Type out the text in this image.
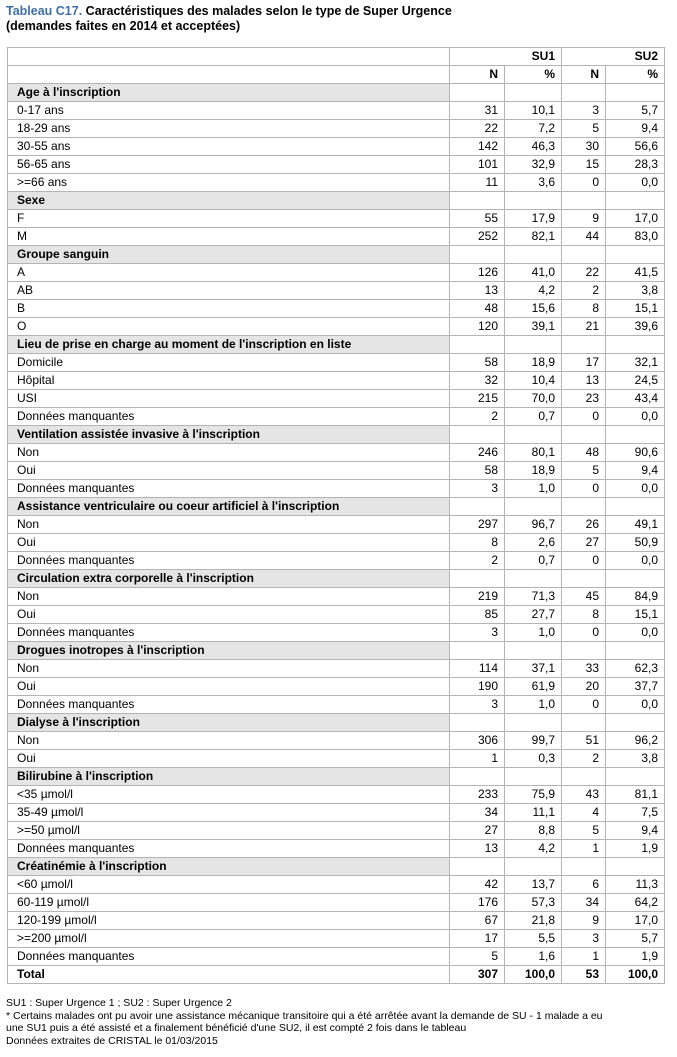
Tableau C17. Caractéristiques des malades selon le type de Super Urgence
(demandes faites en 2014 et acceptées)
	SU1		SU2	
	N	%	N	%
Age à l'inscription				
0-17 ans	31	10,1	3	5,7
18-29 ans	22	7,2	5	9,4
30-55 ans	142	46,3	30	56,6
56-65 ans	101	32,9	15	28,3
>=66 ans	11	3,6	0	0,0
Sexe				
F	55	17,9	9	17,0
M	252	82,1	44	83,0
Groupe sanguin				
A	126	41,0	22	41,5
AB	13	4,2	2	3,8
B	48	15,6	8	15,1
O	120	39,1	21	39,6
Lieu de prise en charge au moment de l'inscription en liste				
Domicile	58	18,9	17	32,1
Hôpital	32	10,4	13	24,5
USI	215	70,0	23	43,4
Données manquantes	2	0,7	0	0,0
Ventilation assistée invasive à l'inscription				
Non	246	80,1	48	90,6
Oui	58	18,9	5	9,4
Données manquantes	3	1,0	0	0,0
Assistance ventriculaire ou coeur artificiel à l'inscription				
Non	297	96,7	26	49,1
Oui	8	2,6	27	50,9
Données manquantes	2	0,7	0	0,0
Circulation extra corporelle à l'inscription				
Non	219	71,3	45	84,9
Oui	85	27,7	8	15,1
Données manquantes	3	1,0	0	0,0
Drogues inotropes à l'inscription				
Non	114	37,1	33	62,3
Oui	190	61,9	20	37,7
Données manquantes	3	1,0	0	0,0
Dialyse à l'inscription				
Non	306	99,7	51	96,2
Oui	1	0,3	2	3,8
Bilirubine à l'inscription				
<35 µmol/l	233	75,9	43	81,1
35-49 µmol/l	34	11,1	4	7,5
>=50 µmol/l	27	8,8	5	9,4
Données manquantes	13	4,2	1	1,9
Créatinémie à l'inscription				
<60 µmol/l	42	13,7	6	11,3
60-119 µmol/l	176	57,3	34	64,2
120-199 µmol/l	67	21,8	9	17,0
>=200 µmol/l	17	5,5	3	5,7
Données manquantes	5	1,6	1	1,9
Total	307	100,0	53	100,0
SU1 : Super Urgence 1 ; SU2 : Super Urgence 2
* Certains malades ont pu avoir une assistance mécanique transitoire qui a été arrêtée avant la demande de SU - 1 malade a eu
une SU1 puis a été assisté et a finalement bénéficié d'une SU2, il est compté 2 fois dans le tableau
Données extraites de CRISTAL le 01/03/2015
